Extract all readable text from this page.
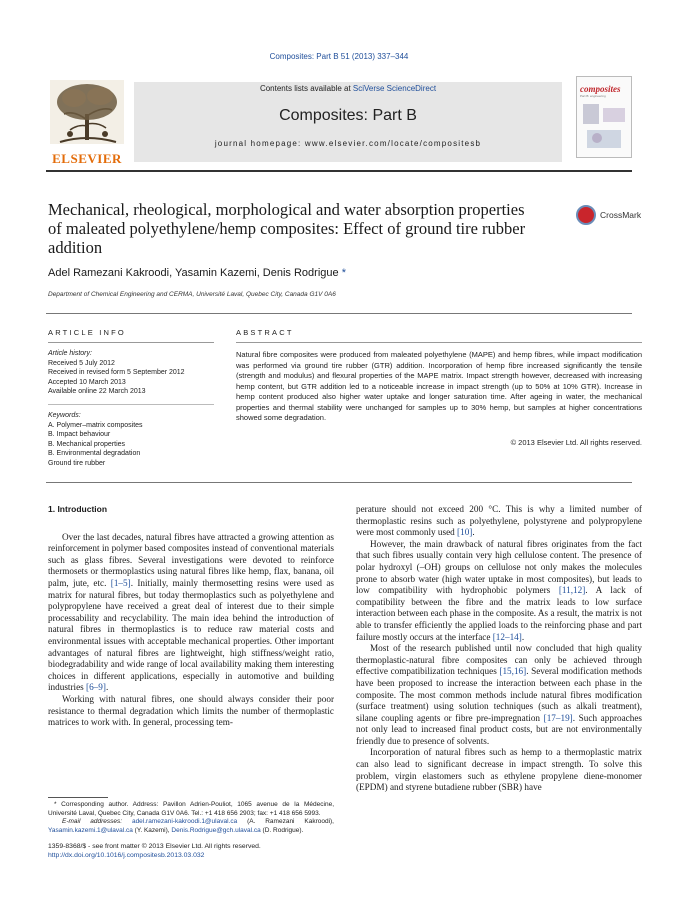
Composites: Part B 51 (2013) 337–344
ELSEVIER
Contents lists available at SciVerse ScienceDirect
Composites: Part B
journal homepage: www.elsevier.com/locate/compositesb
composites
Part B: engineering
Mechanical, rheological, morphological and water absorption properties
of maleated polyethylene/hemp composites: Effect of ground tire rubber
addition
CrossMark
Adel Ramezani Kakroodi, Yasamin Kazemi, Denis Rodrigue *
Department of Chemical Engineering and CERMA, Université Laval, Quebec City, Canada G1V 0A6
ARTICLE INFO
Article history:
Received 5 July 2012
Received in revised form 5 September 2012
Accepted 10 March 2013
Available online 22 March 2013
Keywords:
A. Polymer–matrix composites
B. Impact behaviour
B. Mechanical properties
B. Environmental degradation
Ground tire rubber
ABSTRACT

Natural fibre composites were produced from maleated polyethylene (MAPE) and hemp fibres, while impact modification was performed via ground tire rubber (GTR) addition. Incorporation of hemp fibre increased significantly the tensile (strength and modulus) and flexural properties of the MAPE matrix. Impact strength however, decreased with increasing hemp content, but GTR addition led to a noticeable increase in impact strength (up to 50% at 10% GTR). Increase in hemp content produced also higher water uptake and longer saturation time. After ageing in water, the mechanical properties and thermal stability were unchanged for samples up to 30% hemp, but samples at higher concentrations showed some degradation.

© 2013 Elsevier Ltd. All rights reserved.
1. Introduction

Over the last decades, natural fibres have attracted a growing attention as reinforcement in polymer based composites instead of conventional materials such as glass fibres. Several investigations were devoted to reinforce thermosets or thermoplastics using natural fibres like hemp, flax, banana, oil palm, jute, etc. [1–5]. Initially, mainly thermosetting resins were used as matrix for natural fibres, but today thermoplastics such as polyethylene and polypropylene have received a great deal of interest due to their simple processability and recyclability. The main idea behind the introduction of natural fibres in thermoplastics is to reduce raw material costs and environmental issues with acceptable mechanical properties. Other important advantages of natural fibres are lightweight, high stiffness/weight ratio, biodegradability and wide range of local availability making them interesting choices in different applications, especially in automotive and building industries [6–9].

Working with natural fibres, one should always consider their poor resistance to thermal degradation which limits the number of thermoplastic matrices to work with. In general, processing tem-

* Corresponding author. Address: Pavillon Adrien-Pouliot, 1065 avenue de la Médecine, Université Laval, Quebec City, Canada G1V 0A6. Tel.: +1 418 656 2903; fax: +1 418 656 5993.
E-mail addresses: adel.ramezani-kakroodi.1@ulaval.ca (A. Ramezani Kakroodi), Yasamin.kazemi.1@ulaval.ca (Y. Kazemi), Denis.Rodrigue@gch.ulaval.ca (D. Rodrigue).
1359-8368/$ - see front matter © 2013 Elsevier Ltd. All rights reserved.
http://dx.doi.org/10.1016/j.compositesb.2013.03.032

perature should not exceed 200 °C. This is why a limited number of thermoplastic resins such as polyethylene, polystyrene and polypropylene were most commonly used [10].

However, the main drawback of natural fibres originates from the fact that such fibres usually contain very high cellulose content. The presence of polar hydroxyl (–OH) groups on cellulose not only makes the molecules prone to absorb water (high water uptake in most composites), but leads to low compatibility with hydrophobic polymers [11,12]. A lack of compatibility between the fibre and the matrix leads to low surface interaction between each phase in the composite. As a result, the matrix is not able to transfer efficiently the applied loads to the reinforcing phase and part failure mostly occurs at the interface [12–14].

Most of the research published until now concluded that high quality thermoplastic-natural fibre composites can only be achieved through effective compatibilization techniques [15,16]. Several modification methods have been proposed to increase the interaction between each phase in the composite. The most common methods include natural fibres modification (surface treatment) using solution techniques (such as alkali treatment), silane coupling agents or fibre pre-impregnation [17–19]. Such approaches not only lead to increased final product costs, but are not environmentally friendly due to presence of solvents.

Incorporation of natural fibres such as hemp to a thermoplastic matrix can also lead to significant decrease in impact strength. To solve this problem, virgin elastomers such as ethylene propylene diene-monomer (EPDM) and styrene butadiene rubber (SBR) have
